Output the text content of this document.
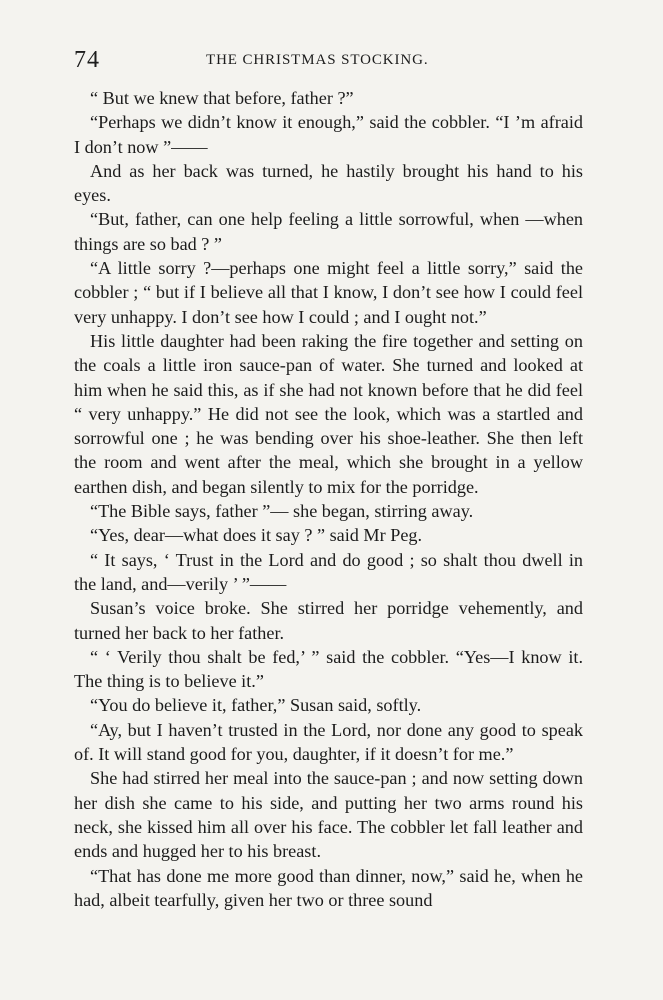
74	THE CHRISTMAS STOCKING.

“ But we knew that before, father ?”

“Perhaps we didn’t know it enough,” said the cobbler. “I ’m afraid I don’t now ”——

And as her back was turned, he hastily brought his hand to his eyes.

“But, father, can one help feeling a little sorrowful, when —when things are so bad ? ”

“A little sorry ?—perhaps one might feel a little sorry,” said the cobbler ; “ but if I believe all that I know, I don’t see how I could feel very unhappy. I don’t see how I could ; and I ought not.”

His little daughter had been raking the fire together and setting on the coals a little iron sauce-pan of water. She turned and looked at him when he said this, as if she had not known before that he did feel “ very unhappy.” He did not see the look, which was a startled and sorrowful one ; he was bending over his shoe-leather. She then left the room and went after the meal, which she brought in a yellow earthen dish, and began silently to mix for the porridge.

“The Bible says, father ”— she began, stirring away.

“Yes, dear—what does it say ? ” said Mr Peg.

“ It says, ‘ Trust in the Lord and do good ; so shalt thou dwell in the land, and—verily ’ ”——

Susan’s voice broke. She stirred her porridge vehemently, and turned her back to her father.

“ ‘ Verily thou shalt be fed,’ ” said the cobbler. “Yes—I know it. The thing is to believe it.”

“You do believe it, father,” Susan said, softly.

“Ay, but I haven’t trusted in the Lord, nor done any good to speak of. It will stand good for you, daughter, if it doesn’t for me.”

She had stirred her meal into the sauce-pan ; and now setting down her dish she came to his side, and putting her two arms round his neck, she kissed him all over his face. The cobbler let fall leather and ends and hugged her to his breast.

“That has done me more good than dinner, now,” said he, when he had, albeit tearfully, given her two or three sound
